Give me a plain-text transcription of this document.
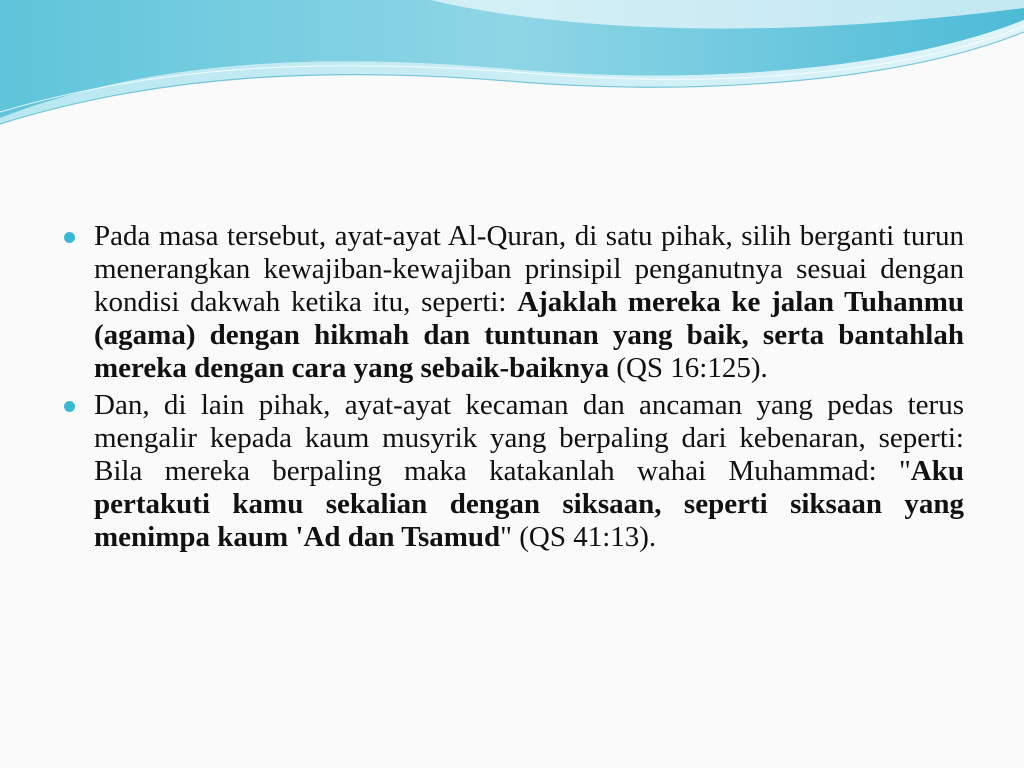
Pada masa tersebut, ayat-ayat Al-Quran, di satu pihak, silih berganti turun menerangkan kewajiban-kewajiban prinsipil penganutnya sesuai dengan kondisi dakwah ketika itu, seperti: Ajaklah mereka ke jalan Tuhanmu (agama) dengan hikmah dan tuntunan yang baik, serta bantahlah mereka dengan cara yang sebaik-baiknya (QS 16:125).

Dan, di lain pihak, ayat-ayat kecaman dan ancaman yang pedas terus mengalir kepada kaum musyrik yang berpaling dari kebenaran, seperti: Bila mereka berpaling maka katakanlah wahai Muhammad: "Aku pertakuti kamu sekalian dengan siksaan, seperti siksaan yang menimpa kaum 'Ad dan Tsamud" (QS 41:13).
